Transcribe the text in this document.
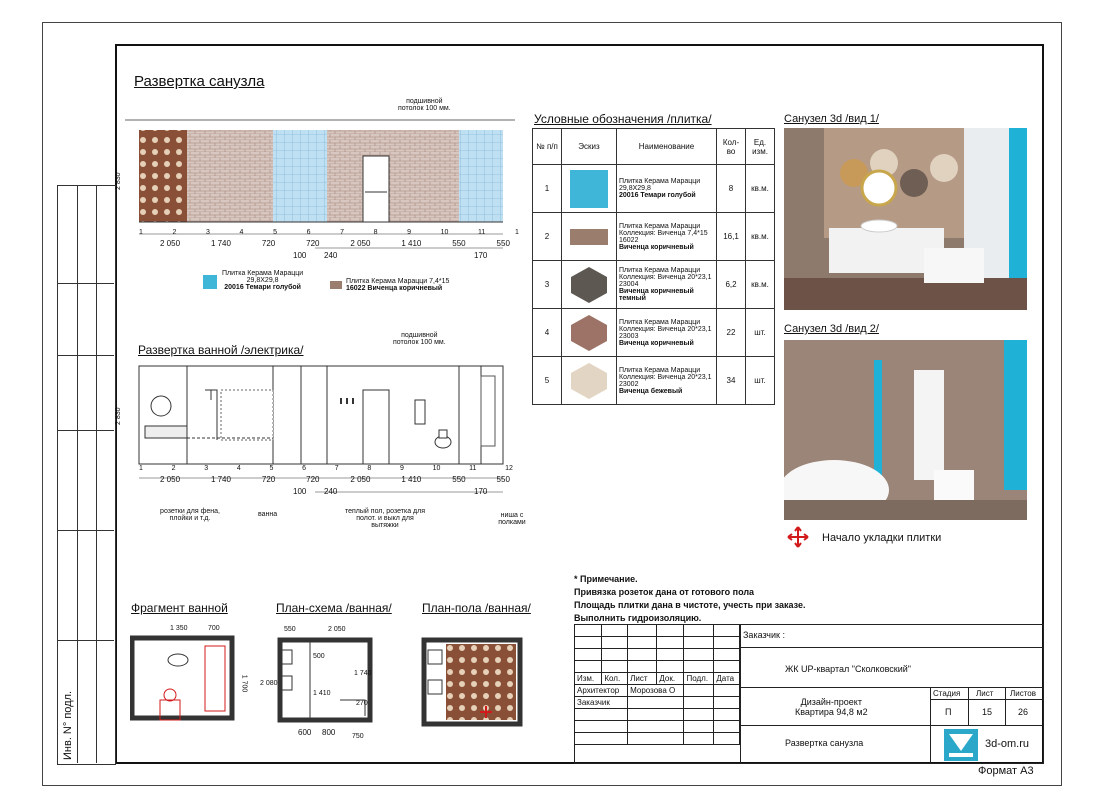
Инв. N° подл.
Развертка санузла
подшивной
потолок 100 мм.
2 830
1	2	3	4	5	6	7	8	9	10	11	1
2 050	1 740	720	720	2 050	1 410	550	550
100 240	170
Плитка Керама Марацци
29,8Х29,8
20016 Темари голубой
Плитка Керама Марацци 7,4*15
16022 Виченца коричневый
Развертка ванной /электрика/
подшивной
потолок 100 мм.
2 830
1	2	3	4	5	6	7	8	9	10	11	12
2 050	1 740	720	720	2 050	1 410	550	550
100 240	170
розетки для фена, плойки и т.д.
ванна	теплый пол, розетка для полот. и выкл для вытяжки
ниша с полками
Условные обозначения /плитка/
№ п/п	Эскиз	Наименование	Кол-во	Ед. изм.
1		Плитка Керама Марацци
29,8Х29,8
20016 Темари голубой	8	кв.м.
2		Плитка Керама Марацци
Коллекция: Виченца 7,4*15
16022
Виченца коричневый	16,1	кв.м.
3		Плитка Керама Марацци
Коллекция: Виченца 20*23,1
23004
Виченца коричневый темный	6,2	кв.м.
4		Плитка Керама Марацци
Коллекция: Виченца 20*23,1
23003
Виченца коричневый	22	шт.
5		Плитка Керама Марацци
Коллекция: Виченца 20*23,1
23002
Виченца бежевый	34	шт.
Санузел 3d /вид 1/
Санузел 3d /вид 2/
Начало укладки плитки
* Примечание.
Привязка розеток дана от готового пола
Площадь плитки дана в чистоте, учесть при заказе.
Выполнить гидроизоляцию.
Фрагмент ванной	План-схема /ванная/	План-пола /ванная/
1 350	700
1 700
550	2 050
2 080
1 740
500
1 410
600 800 750
270
Заказчик :
ЖК UP-квартал "Сколковский"

Изм.	Кол.	Лист	Док.	Подл.	Дата
Архитектор		Морозова О			
Заказчик					

				Дизайн-проект
Квартира 94,8 м2
Стадия Лист Листов
П	15	26
Развертка санузла	3d-om.ru
Формат А3
